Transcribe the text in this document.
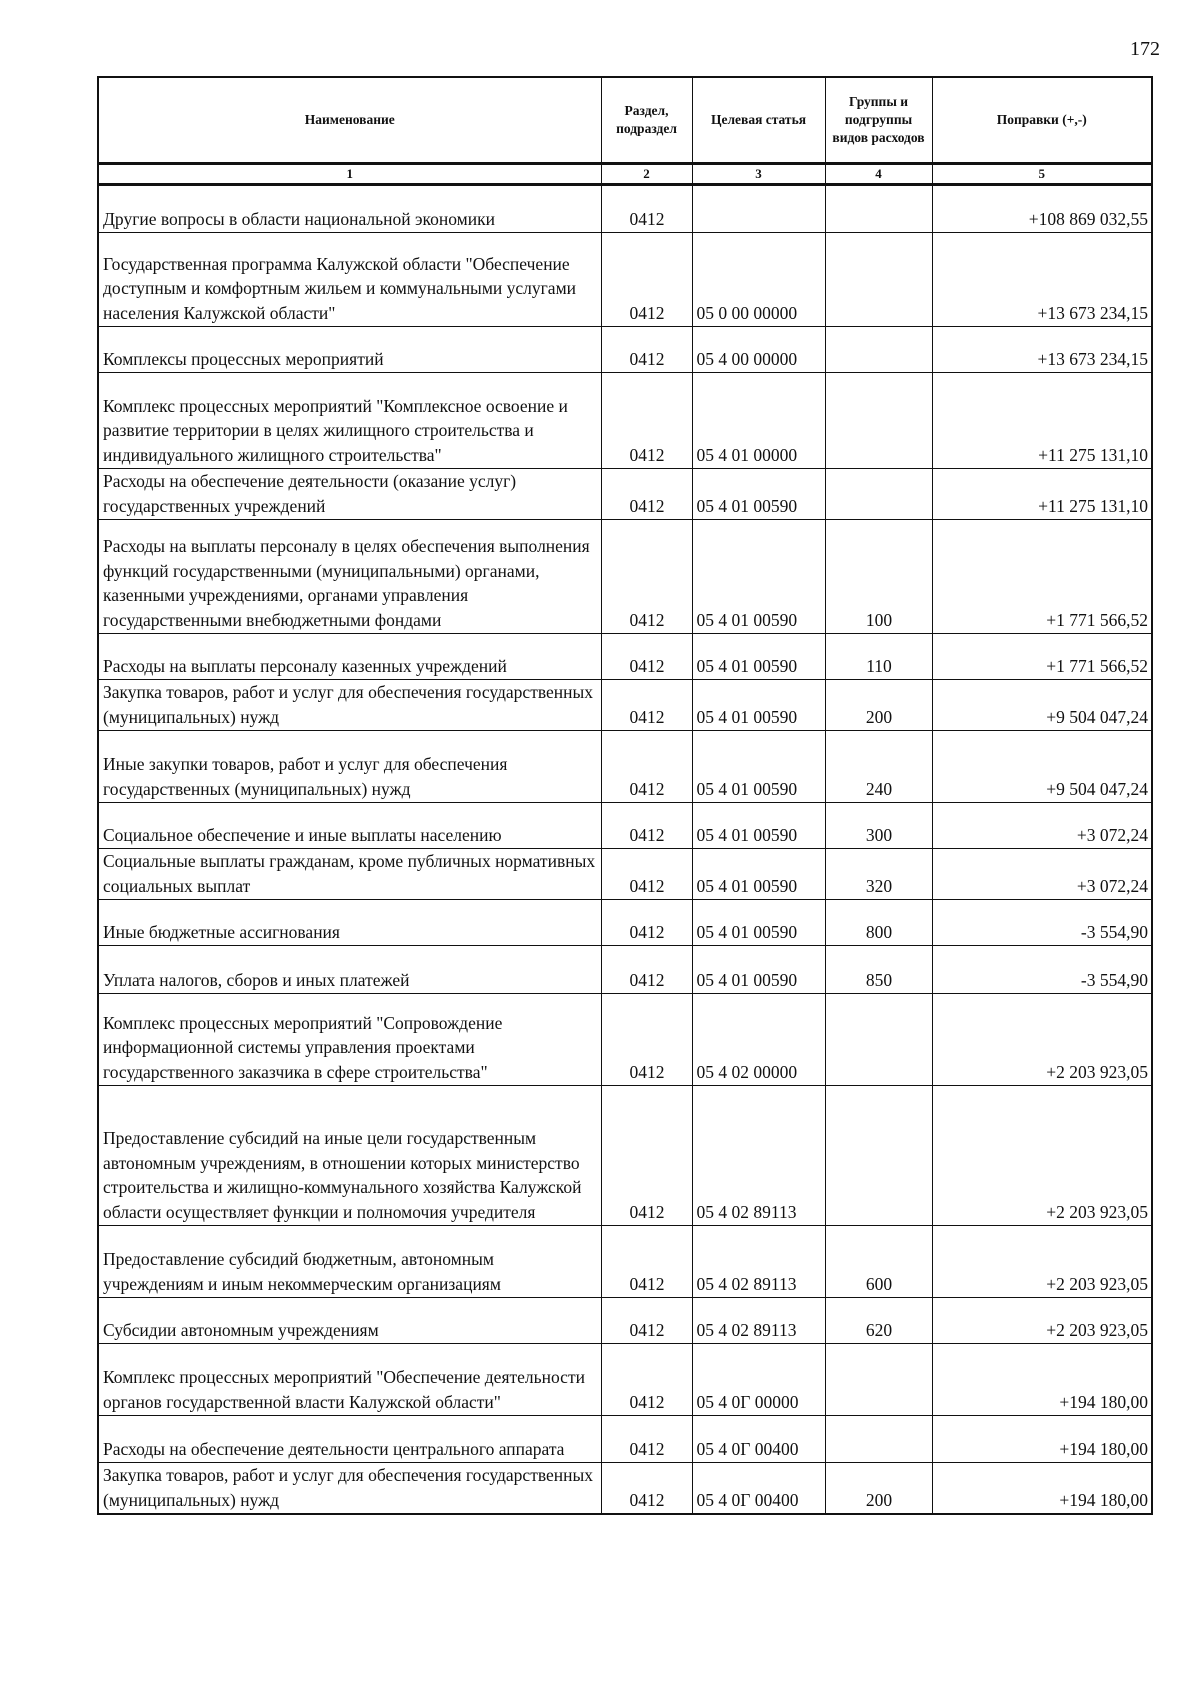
172
Наименование	Раздел, подраздел	Целевая статья	Группы и подгруппы видов расходов	Поправки (+,-)
1	2	3	4	5
Другие вопросы в области национальной экономики	0412			+108 869 032,55
Государственная программа Калужской области "Обеспечение доступным и комфортным жильем и коммунальными услугами населения Калужской области"	0412	05 0 00 00000		+13 673 234,15
Комплексы процессных мероприятий	0412	05 4 00 00000		+13 673 234,15
Комплекс процессных мероприятий "Комплексное освоение и развитие территории в целях жилищного строительства и индивидуального жилищного строительства"	0412	05 4 01 00000		+11 275 131,10
Расходы на обеспечение деятельности (оказание услуг) государственных учреждений	0412	05 4 01 00590		+11 275 131,10
Расходы на выплаты персоналу в целях обеспечения выполнения функций государственными (муниципальными) органами, казенными учреждениями, органами управления государственными внебюджетными фондами	0412	05 4 01 00590	100	+1 771 566,52
Расходы на выплаты персоналу казенных учреждений	0412	05 4 01 00590	110	+1 771 566,52
Закупка товаров, работ и услуг для обеспечения государственных (муниципальных) нужд	0412	05 4 01 00590	200	+9 504 047,24
Иные закупки товаров, работ и услуг для обеспечения государственных (муниципальных) нужд	0412	05 4 01 00590	240	+9 504 047,24
Социальное обеспечение и иные выплаты населению	0412	05 4 01 00590	300	+3 072,24
Социальные выплаты гражданам, кроме публичных нормативных социальных выплат	0412	05 4 01 00590	320	+3 072,24
Иные бюджетные ассигнования	0412	05 4 01 00590	800	-3 554,90
Уплата налогов, сборов и иных платежей	0412	05 4 01 00590	850	-3 554,90
Комплекс процессных мероприятий "Сопровождение информационной системы управления проектами государственного заказчика в сфере строительства"	0412	05 4 02 00000		+2 203 923,05
Предоставление субсидий на иные цели государственным автономным учреждениям, в отношении которых министерство строительства и жилищно-коммунального хозяйства Калужской области осуществляет функции и полномочия учредителя	0412	05 4 02 89113		+2 203 923,05
Предоставление субсидий бюджетным, автономным учреждениям и иным некоммерческим организациям	0412	05 4 02 89113	600	+2 203 923,05
Субсидии автономным учреждениям	0412	05 4 02 89113	620	+2 203 923,05
Комплекс процессных мероприятий "Обеспечение деятельности органов государственной власти Калужской области"	0412	05 4 0Г 00000		+194 180,00
Расходы на обеспечение деятельности центрального аппарата	0412	05 4 0Г 00400		+194 180,00
Закупка товаров, работ и услуг для обеспечения государственных (муниципальных) нужд	0412	05 4 0Г 00400	200	+194 180,00
